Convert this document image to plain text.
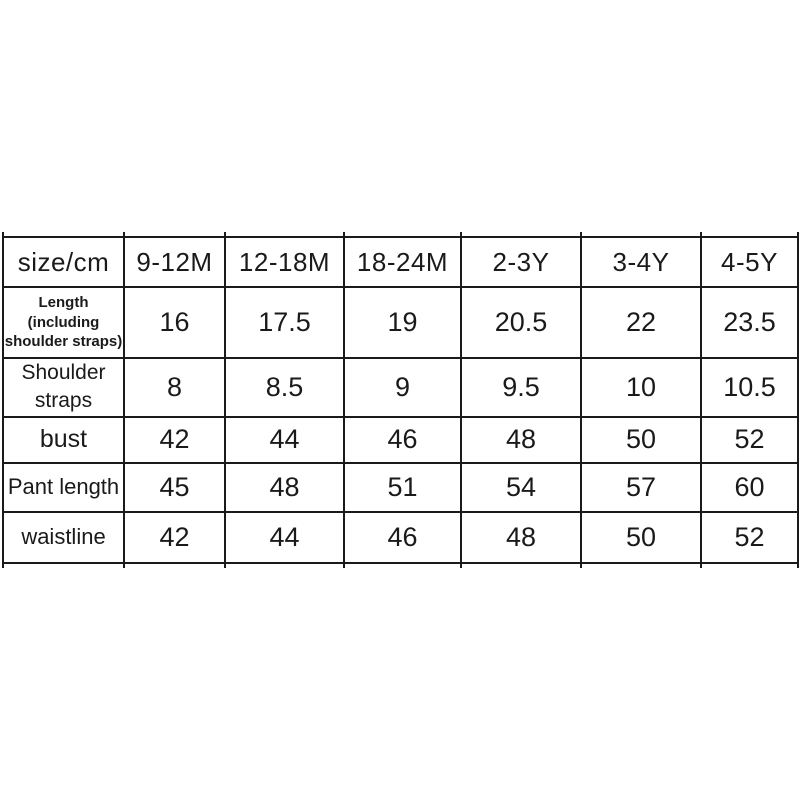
size/cm	9-12M	12-18M	18-24M	2-3Y	3-4Y	4-5Y

Length (including
shoulder straps)	16	17.5	19	20.5	22	23.5

Shoulder
straps	8	8.5	9	9.5	10	10.5
bust	42	44	46	48	50	52
Pant length	45	48	51	54	57	60
waistline	42	44	46	48	50	52
